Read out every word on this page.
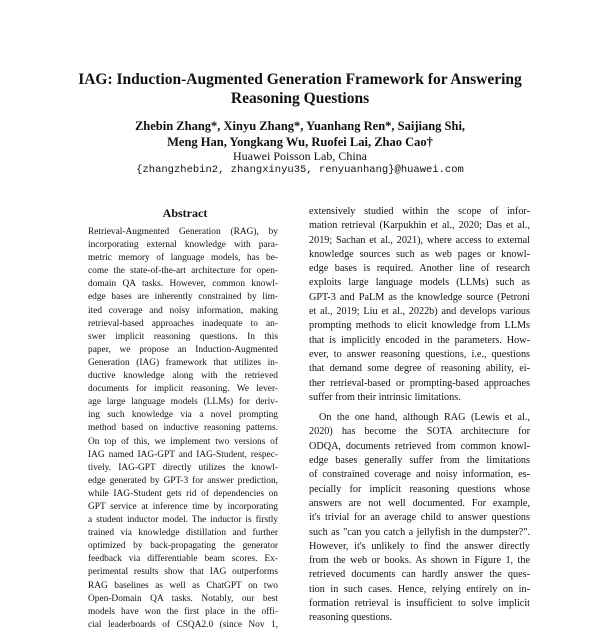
IAG: Induction-Augmented Generation Framework for Answering
Reasoning Questions
Zhebin Zhang*, Xinyu Zhang*, Yuanhang Ren*, Saijiang Shi,
Meng Han, Yongkang Wu, Ruofei Lai, Zhao Cao†
Huawei Poisson Lab, China
{zhangzhebin2, zhangxinyu35, renyuanhang}@huawei.com
Abstract
Retrieval-Augmented Generation (RAG), by
incorporating external knowledge with para-
metric memory of language models, has be-
come the state-of-the-art architecture for open-
domain QA tasks. However, common knowl-
edge bases are inherently constrained by lim-
ited coverage and noisy information, making
retrieval-based approaches inadequate to an-
swer implicit reasoning questions. In this
paper, we propose an Induction-Augmented
Generation (IAG) framework that utilizes in-
ductive knowledge along with the retrieved
documents for implicit reasoning. We lever-
age large language models (LLMs) for deriv-
ing such knowledge via a novel prompting
method based on inductive reasoning patterns.
On top of this, we implement two versions of
IAG named IAG-GPT and IAG-Student, respec-
tively. IAG-GPT directly utilizes the knowl-
edge generated by GPT-3 for answer prediction,
while IAG-Student gets rid of dependencies on
GPT service at inference time by incorporating
a student inductor model. The inductor is firstly
trained via knowledge distillation and further
optimized by back-propagating the generator
feedback via differentiable beam scores. Ex-
perimental results show that IAG outperforms
RAG baselines as well as ChatGPT on two
Open-Domain QA tasks. Notably, our best
models have won the first place in the offi-
cial leaderboards of CSQA2.0 (since Nov 1,
extensively studied within the scope of infor-
mation retrieval (Karpukhin et al., 2020; Das et al.,
2019; Sachan et al., 2021), where access to external
knowledge sources such as web pages or knowl-
edge bases is required. Another line of research
exploits large language models (LLMs) such as
GPT-3 and PaLM as the knowledge source (Petroni
et al., 2019; Liu et al., 2022b) and develops various
prompting methods to elicit knowledge from LLMs
that is implicitly encoded in the parameters. How-
ever, to answer reasoning questions, i.e., questions
that demand some degree of reasoning ability, ei-
ther retrieval-based or prompting-based approaches
suffer from their intrinsic limitations.
On the one hand, although RAG (Lewis et al.,
2020) has become the SOTA architecture for
ODQA, documents retrieved from common knowl-
edge bases generally suffer from the limitations
of constrained coverage and noisy information, es-
pecially for implicit reasoning questions whose
answers are not well documented. For example,
it's trivial for an average child to answer questions
such as "can you catch a jellyfish in the dumpster?".
However, it's unlikely to find the answer directly
from the web or books. As shown in Figure 1, the
retrieved documents can hardly answer the ques-
tion in such cases. Hence, relying entirely on in-
formation retrieval is insufficient to solve implicit
reasoning questions.
